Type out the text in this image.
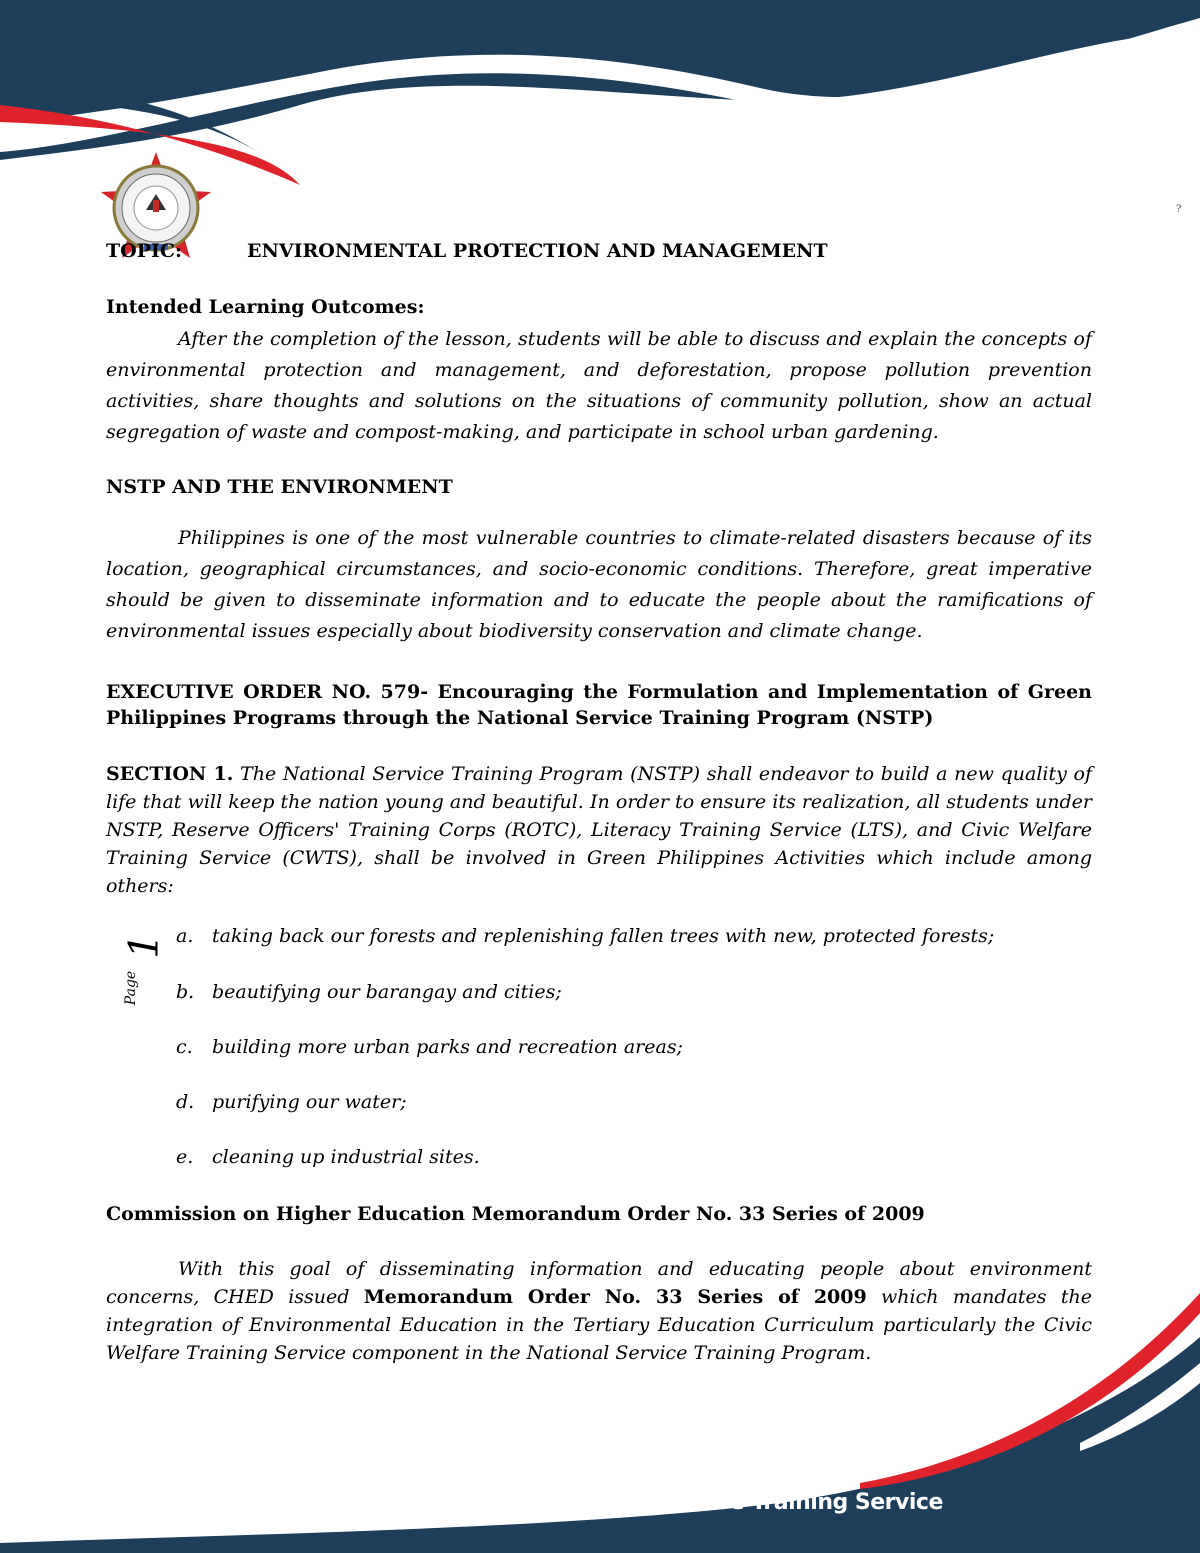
TOPIC:	ENVIRONMENTAL PROTECTION AND MANAGEMENT
Intended Learning Outcomes:
After the completion of the lesson, students will be able to discuss and explain the concepts of environmental protection and management, and deforestation, propose pollution prevention activities, share thoughts and solutions on the situations of community pollution, show an actual segregation of waste and compost-making, and participate in school urban gardening.
NSTP AND THE ENVIRONMENT
Philippines is one of the most vulnerable countries to climate-related disasters because of its location, geographical circumstances, and socio-economic conditions. Therefore, great imperative should be given to disseminate information and to educate the people about the ramifications of environmental issues especially about biodiversity conservation and climate change.
EXECUTIVE ORDER NO. 579- Encouraging the Formulation and Implementation of Green Philippines Programs through the National Service Training Program (NSTP)
SECTION 1. The National Service Training Program (NSTP) shall endeavor to build a new quality of life that will keep the nation young and beautiful. In order to ensure its realization, all students under NSTP, Reserve Officers' Training Corps (ROTC), Literacy Training Service (LTS), and Civic Welfare Training Service (CWTS), shall be involved in Green Philippines Activities which include among others:
Commission on Higher Education Memorandum Order No. 33 Series of 2009
With this goal of disseminating information and educating people about environment concerns, CHED issued Memorandum Order No. 33 Series of 2009 which mandates the integration of Environmental Education in the Tertiary Education Curriculum particularly the Civic Welfare Training Service component in the National Service Training Program.
a. taking back our forests and replenishing fallen trees with new, protected forests;
b. beautifying our barangay and cities;
c. building more urban parks and recreation areas;
d. purifying our water;
e. cleaning up industrial sites.
Page
1
?
National Service Training Program - Civic Welfare Training Service
